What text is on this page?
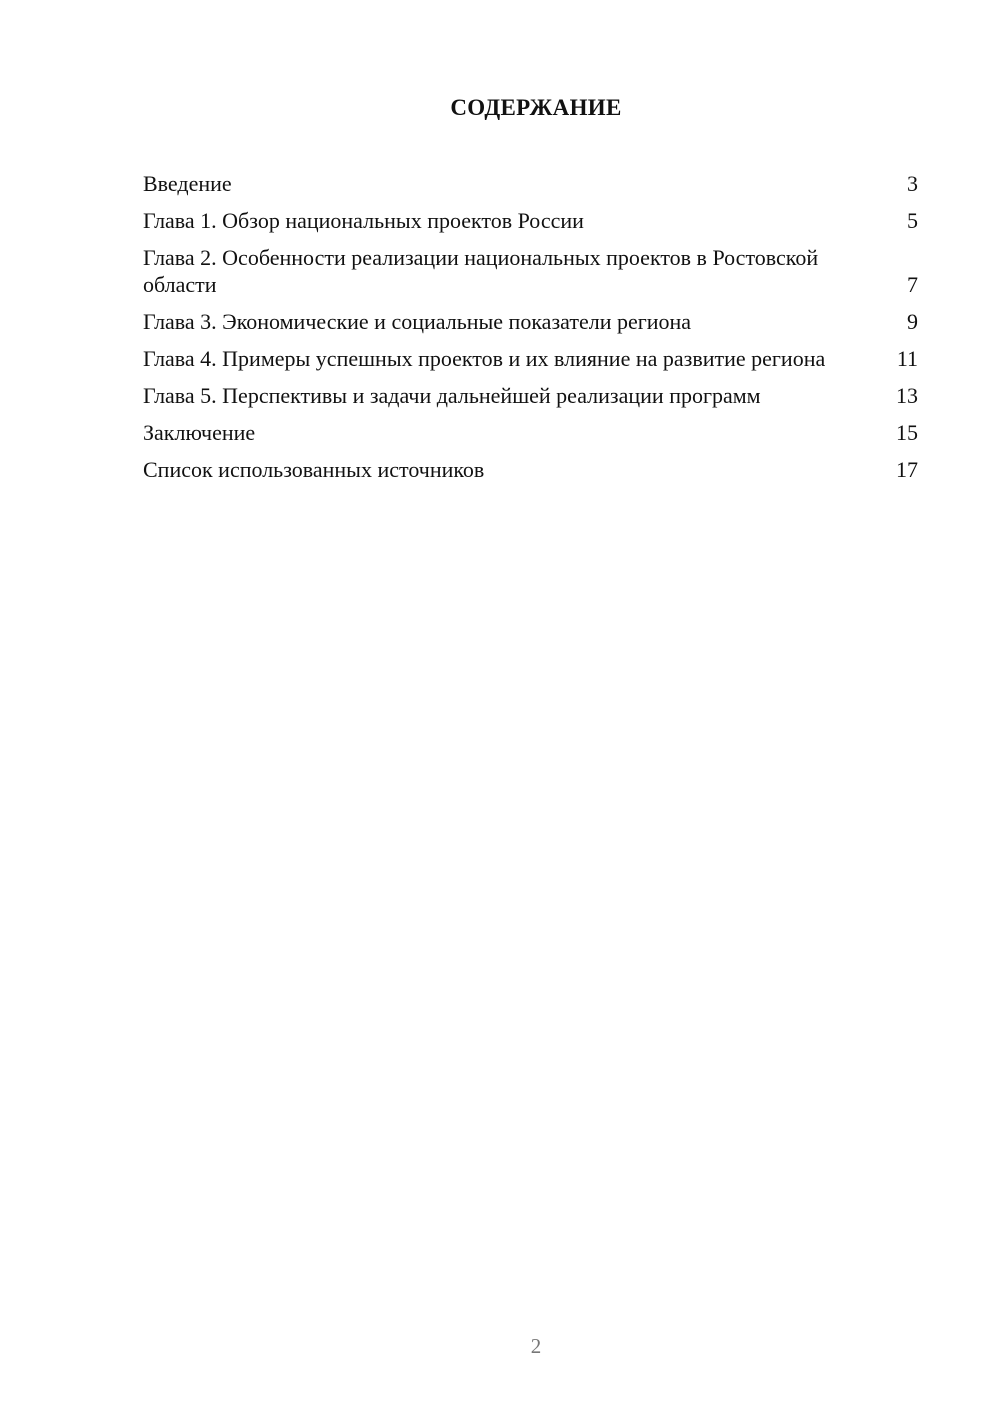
СОДЕРЖАНИЕ
Введение	3
Глава 1. Обзор национальных проектов России	5
Глава 2. Особенности реализации национальных проектов в Ростовской области	7
Глава 3. Экономические и социальные показатели региона	9
Глава 4. Примеры успешных проектов и их влияние на развитие региона	11
Глава 5. Перспективы и задачи дальнейшей реализации программ	13
Заключение	15
Список использованных источников	17
2
